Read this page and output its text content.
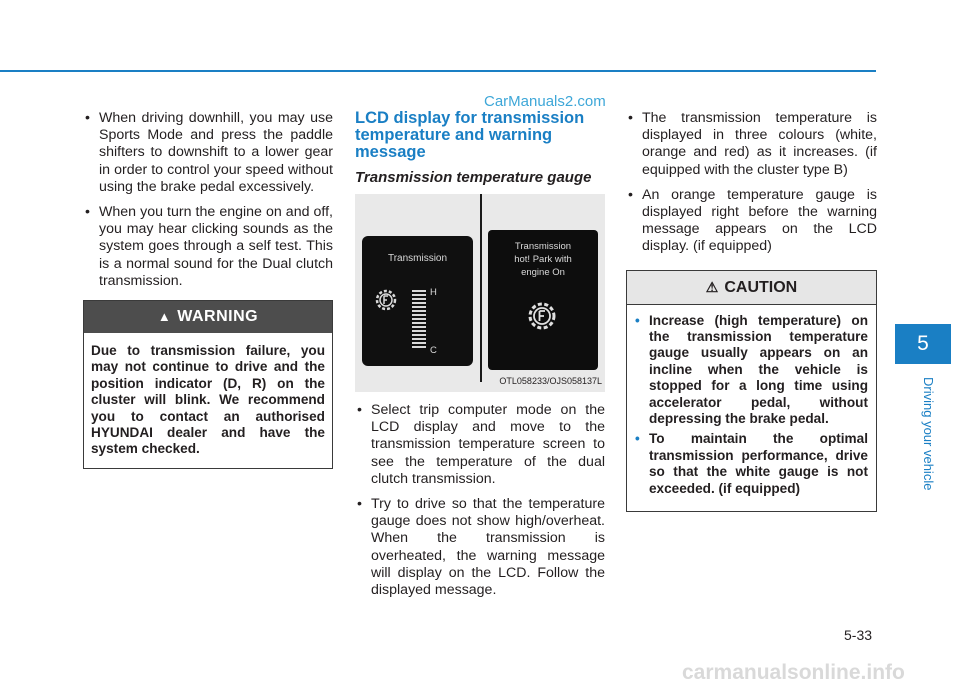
CarManuals2.com
• When driving downhill, you may use Sports Mode and press the paddle shifters to downshift to a lower gear in order to control your speed without using the brake pedal excessively.
• When you turn the engine on and off, you may hear clicking sounds as the system goes through a self test. This is a normal sound for the Dual clutch transmission.
▲ WARNING
Due to transmission failure, you may not continue to drive and the position indicator (D, R) on the cluster will blink. We recommend you to contact an authorised HYUNDAI dealer and have the system checked.
LCD display for transmission temperature and warning message
Transmission temperature gauge
Transmission
H
C
Transmission
hot! Park with
engine On
OTL058233/OJS058137L
• Select trip computer mode on the LCD display and move to the transmission temperature screen to see the temperature of the dual clutch transmission.
• Try to drive so that the temperature gauge does not show high/overheat. When the transmission is overheated, the warning message will display on the LCD. Follow the displayed message.
• The transmission temperature is displayed in three colours (white, orange and red) as it increases. (if equipped with the cluster type B)
• An orange temperature gauge is displayed right before the warning message appears on the LCD display. (if equipped)
⚠ CAUTION
• Increase (high temperature) on the transmission temperature gauge usually appears on an incline when the vehicle is stopped for a long time using accelerator pedal, without depressing the brake pedal.
• To maintain the optimal transmission performance, drive so that the white gauge is not exceeded. (if equipped)
5
Driving your vehicle
5-33
carmanualsonline.info
